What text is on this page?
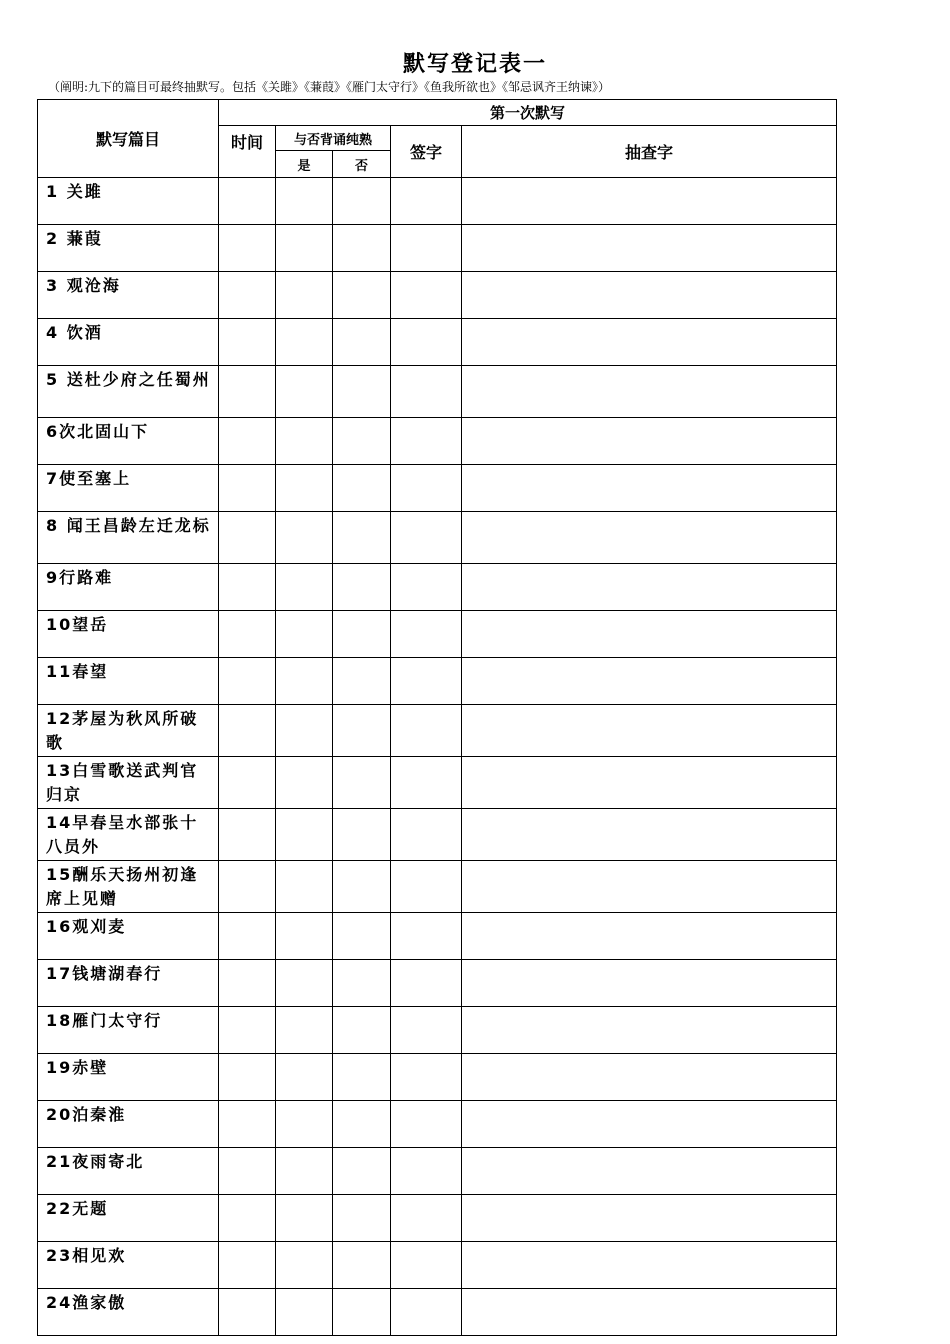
默写登记表一
（阐明:九下的篇目可最终抽默写。包括《关雎》《蒹葭》《雁门太守行》《鱼我所欲也》《邹忌讽齐王纳谏》）
默写篇目	第一次默写				
	时间	与否背诵纯熟		签字	抽查字
		是	否		
1 关雎					
2 蒹葭					
3 观沧海					
4 饮酒					
5 送杜少府之任蜀州					
6次北固山下					
7使至塞上					
8 闻王昌龄左迁龙标					
9行路难					
10望岳					
11春望					
12茅屋为秋风所破歌					
13白雪歌送武判官归京					
14早春呈水部张十八员外					
15酬乐天扬州初逢席上见赠					
16观刈麦					
17钱塘湖春行					
18雁门太守行					
19赤壁					
20泊秦淮					
21夜雨寄北					
22无题					
23相见欢					
24渔家傲					
